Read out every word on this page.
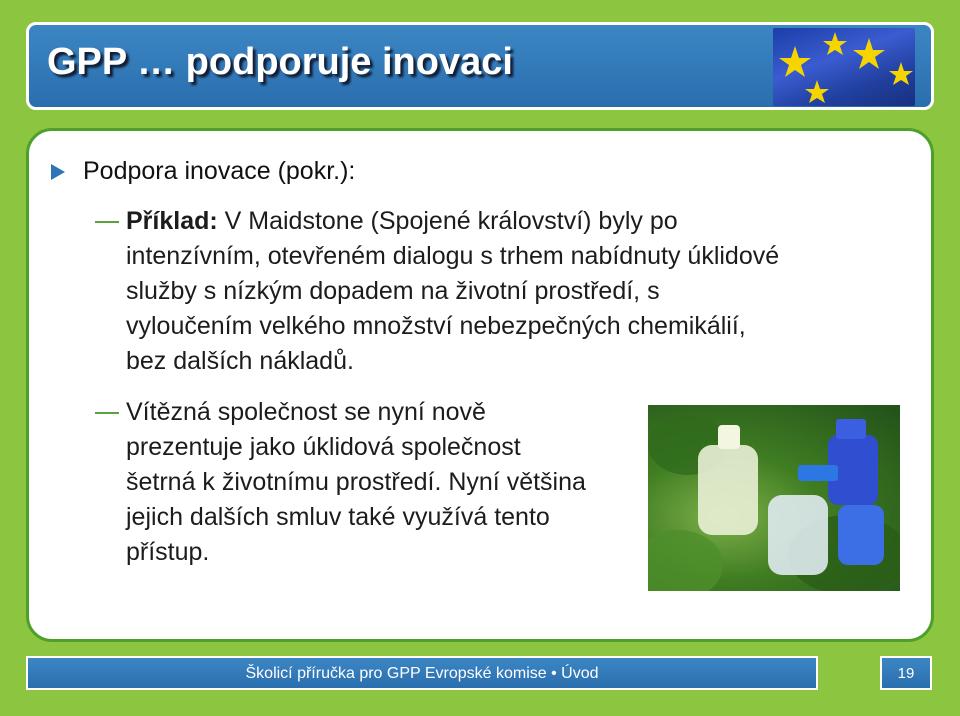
GPP … podporuje inovaci
Podpora inovace (pokr.):
Příklad: V Maidstone (Spojené království) byly po intenzívním, otevřeném dialogu s trhem nabídnuty úklidové služby s nízkým dopadem na životní prostředí, s vyloučením velkého množství nebezpečných chemikálií, bez dalších nákladů.
Vítězná společnost se nyní nově prezentuje jako úklidová společnost šetrná k životnímu prostředí. Nyní většina jejich dalších smluv také využívá tento přístup.
Školicí příručka pro GPP Evropské komise • Úvod	19
